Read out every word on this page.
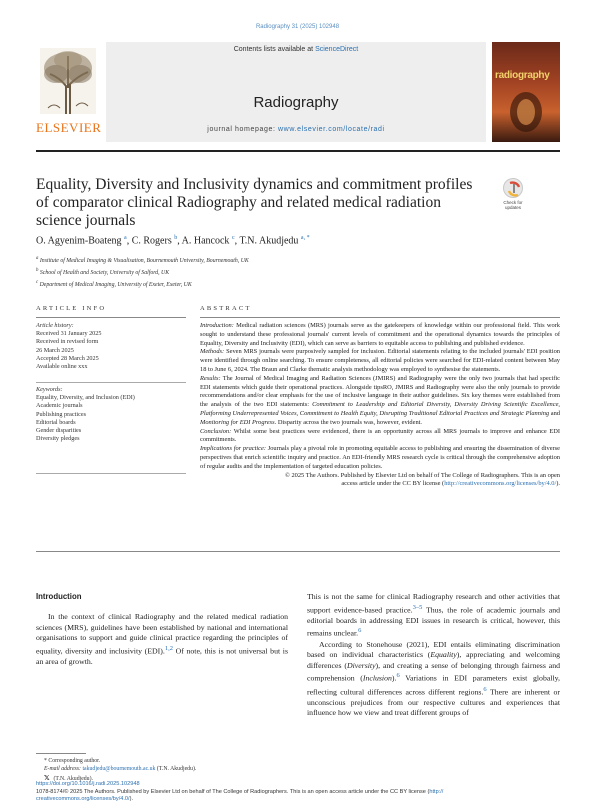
Radiography 31 (2025) 102948
ELSEVIER
Contents lists available at ScienceDirect
Radiography
journal homepage: www.elsevier.com/locate/radi
radiography
Equality, Diversity and Inclusivity dynamics and commitment profiles of comparator clinical Radiography and related medical radiation science journals
Check for
updates
O. Agyenim-Boateng $^a$, C. Rogers $^b$, A. Hancock $^c$, T.N. Akudjedu $^{a, *}$
$^a$ Institute of Medical Imaging & Visualisation, Bournemouth University, Bournemouth, UK
$^b$ School of Health and Society, University of Salford, UK
$^c$ Department of Medical Imaging, University of Exeter, Exeter, UK
ARTICLE INFO	ABSTRACT
Article history:
Received 31 January 2025
Received in revised form
26 March 2025
Accepted 28 March 2025
Available online xxx
Keywords:
Equality, Diversity, and Inclusion (EDI)
Academic journals
Publishing practices
Editorial boards
Gender disparities
Diversity pledges

Introduction: Medical radiation sciences (MRS) journals serve as the gatekeepers of knowledge within our professional field. This work sought to understand these professional journals' current levels of commitment and the operational dynamics towards the principles of Equality, Diversity and Inclusivity (EDI), which can serve as barriers to equitable access to publishing and published evidence.

Methods: Seven MRS journals were purposively sampled for inclusion. Editorial statements relating to the included journals' EDI position were identified through online searching. To ensure completeness, all editorial policies were searched for EDI-related content between May 18 to June 6, 2024. The Braun and Clarke thematic analysis methodology was employed to synthesise the statements.

Results: The Journal of Medical Imaging and Radiation Sciences (JMIRS) and Radiography were the only two journals that had specific EDI statements which guide their operational practices. Alongside tipsRO, JMIRS and Radiography were also the only journals to provide recommendations and/or clear emphasis for the use of inclusive language in their author guidelines. Six key themes were established from the analysis of the two EDI statements: Commitment to Leadership and Editorial Diversity, Diversity Driving Scientific Excellence, Platforming Underrepresented Voices, Commitment to Health Equity, Disrupting Traditional Editorial Practices and Strategic Planning and Monitoring for EDI Progress. Disparity across the two journals was, however, evident.

Conclusion: Whilst some best practices were evidenced, there is an opportunity across all MRS journals to improve and enhance EDI commitments.

Implications for practice: Journals play a pivotal role in promoting equitable access to publishing and ensuring the dissemination of diverse perspectives that enrich scientific inquiry and practice. An EDI-friendly MRS research cycle is critical through the comprehensive adoption of regular audits and the implementation of targeted education policies.

© 2025 The Authors. Published by Elsevier Ltd on behalf of The College of Radiographers. This is an open
access article under the CC BY license (http://creativecommons.org/licenses/by/4.0/).

Introduction

In the context of clinical Radiography and the related medical radiation sciences (MRS), guidelines have been established by national and international organisations to support and guide clinical practice regarding the principles of equality, diversity and inclusivity (EDI).$^{1,2}$ Of note, this is not universal but is an area of growth.

This is not the same for clinical Radiography research and other activities that support evidence-based practice.$^{3-5}$ Thus, the role of academic journals and editorial boards in addressing EDI issues in research is critical, however, this remains unclear.$^6$

According to Stonehouse (2021), EDI entails eliminating discrimination based on individual characteristics (Equality), appreciating and welcoming differences (Diversity), and creating a sense of belonging through fairness and comprehension (Inclusion).$^6$ Variations in EDI parameters exist globally, reflecting cultural differences across different regions.$^6$ There are inherent or unconscious prejudices from our respective cultures and experiences that influence how we view and treat different groups of

* Corresponding author.
E-mail address: takudjedu@bournemouth.ac.uk (T.N. Akudjedu).
𝕏 (T.N. Akudjedu).
https://doi.org/10.1016/j.radi.2025.102948
1078-8174/© 2025 The Authors. Published by Elsevier Ltd on behalf of The College of Radiographers. This is an open access article under the CC BY license (http://
creativecommons.org/licenses/by/4.0/).
